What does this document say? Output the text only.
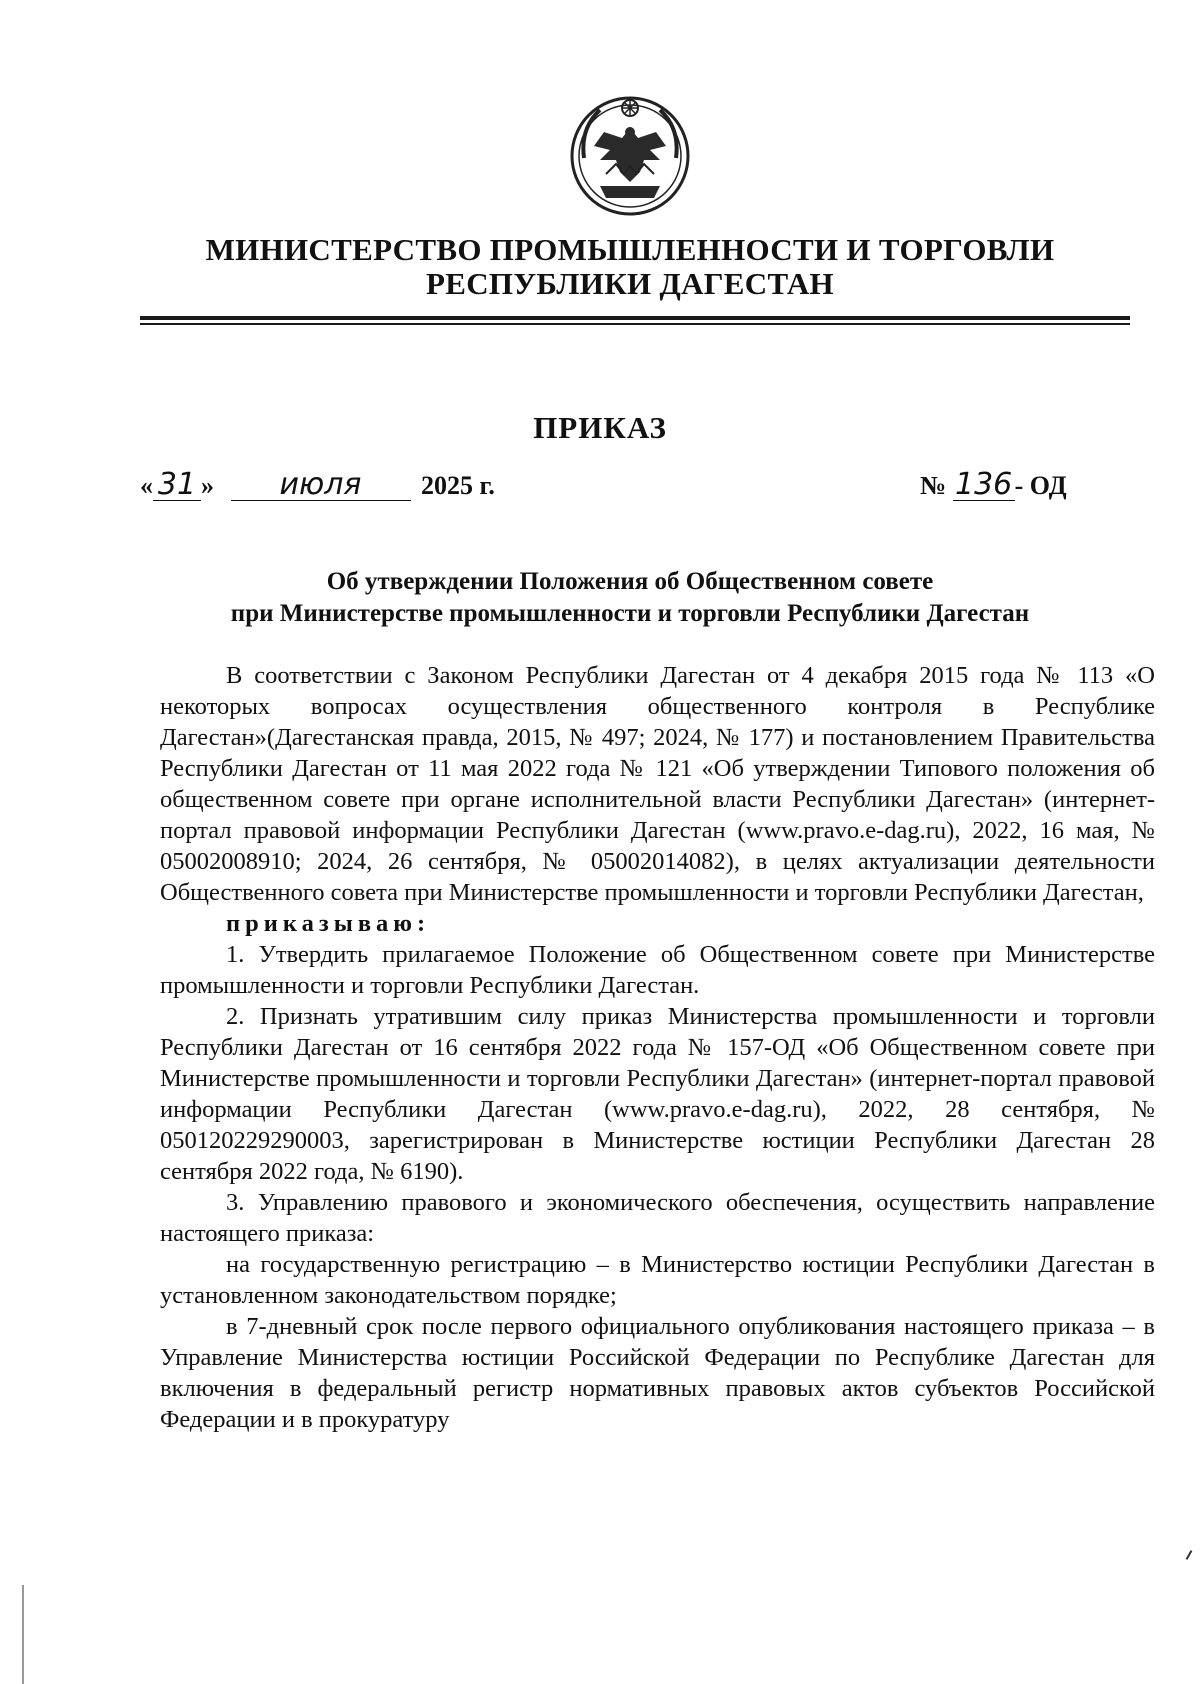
МИНИСТЕРСТВО ПРОМЫШЛЕННОСТИ И ТОРГОВЛИ
РЕСПУБЛИКИ ДАГЕСТАН
ПРИКАЗ
« 31 » июля 2025 г.	№ 136- ОД
Об утверждении Положения об Общественном совете
при Министерстве промышленности и торговли Республики Дагестан

В соответствии с Законом Республики Дагестан от 4 декабря 2015 года № 113 «О некоторых вопросах осуществления общественного контроля в Республике Дагестан»(Дагестанская правда, 2015, № 497; 2024, № 177) и постановлением Правительства Республики Дагестан от 11 мая 2022 года № 121 «Об утверждении Типового положения об общественном совете при органе исполнительной власти Республики Дагестан» (интернет-портал правовой информации Республики Дагестан (www.pravo.e-dag.ru), 2022, 16 мая, № 05002008910; 2024, 26 сентября, № 05002014082), в целях актуализации деятельности Общественного совета при Министерстве промышленности и торговли Республики Дагестан,

приказываю:

1. Утвердить прилагаемое Положение об Общественном совете при Министерстве промышленности и торговли Республики Дагестан.

2. Признать утратившим силу приказ Министерства промышленности и торговли Республики Дагестан от 16 сентября 2022 года № 157-ОД «Об Общественном совете при Министерстве промышленности и торговли Республики Дагестан» (интернет-портал правовой информации Республики Дагестан (www.pravo.e-dag.ru), 2022, 28 сентября, № 050120229290003, зарегистрирован в Министерстве юстиции Республики Дагестан 28 сентября 2022 года, № 6190).

3. Управлению правового и экономического обеспечения, осуществить направление настоящего приказа:

на государственную регистрацию – в Министерство юстиции Республики Дагестан в установленном законодательством порядке;

в 7-дневный срок после первого официального опубликования настоящего приказа – в Управление Министерства юстиции Российской Федерации по Республике Дагестан для включения в федеральный регистр нормативных правовых актов субъектов Российской Федерации и в прокуратуру
